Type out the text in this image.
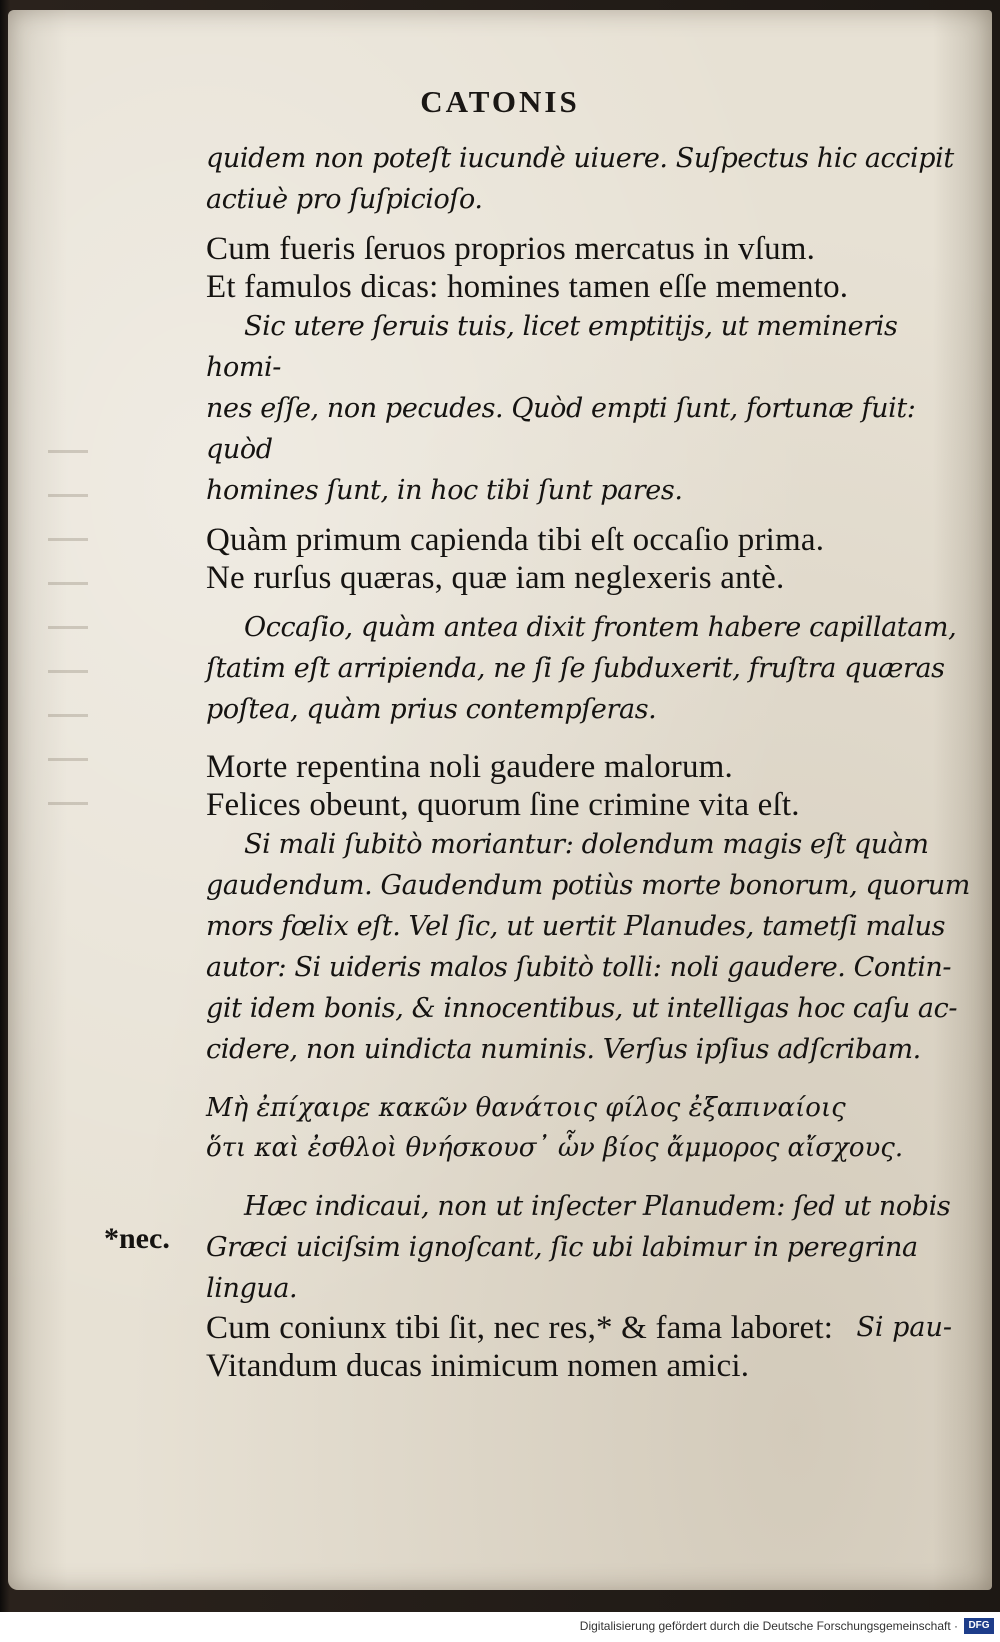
CATONIS
quidem non poteſt iucundè uiuere. Suſpectus hic accipit
actiuè pro ſuſpicioſo.
Cum fueris ſeruos proprios mercatus in vſum.
Et famulos dicas: homines tamen eſſe memento.
Sic utere ſeruis tuis, licet emptitijs, ut memineris homi-
nes eſſe, non pecudes. Quòd empti ſunt, fortunæ fuit: quòd
homines ſunt, in hoc tibi ſunt pares.
Quàm primum capienda tibi eſt occaſio prima.
Ne rurſus quæras, quæ iam neglexeris antè.
Occaſio, quàm antea dixit frontem habere capillatam,
ſtatim eſt arripienda, ne ſi ſe ſubduxerit, fruſtra quæras
poſtea, quàm prius contempſeras.
Morte repentina noli gaudere malorum.
Felices obeunt, quorum ſine crimine vita eſt.
Si mali ſubitò moriantur: dolendum magis eſt quàm
gaudendum. Gaudendum potiùs morte bonorum, quorum
mors fœlix eſt. Vel ſic, ut uertit Planudes, tametſi malus
autor: Si uideris malos ſubitò tolli: noli gaudere. Contin-
git idem bonis, & innocentibus, ut intelligas hoc caſu ac-
cidere, non uindicta numinis. Verſus ipſius adſcribam.
Μὴ ἐπίχαιρε κακῶν θανάτοις φίλος ἐξαπιναίοις
ὅτι καὶ ἐσθλοὶ θνήσκουσ᾽ ὧν βίος ἄμμορος αἴσχους.
Hæc indicaui, non ut inſecter Planudem: ſed ut nobis
Græci uiciſsim ignoſcant, ſic ubi labimur in peregrina
lingua.
Cum coniunx tibi ſit, nec res,* & fama laboret:
Vitandum ducas inimicum nomen amici.
*nec.
Si pau-
Digitalisierung gefördert durch die Deutsche Forschungsgemeinschaft ·	DFG
